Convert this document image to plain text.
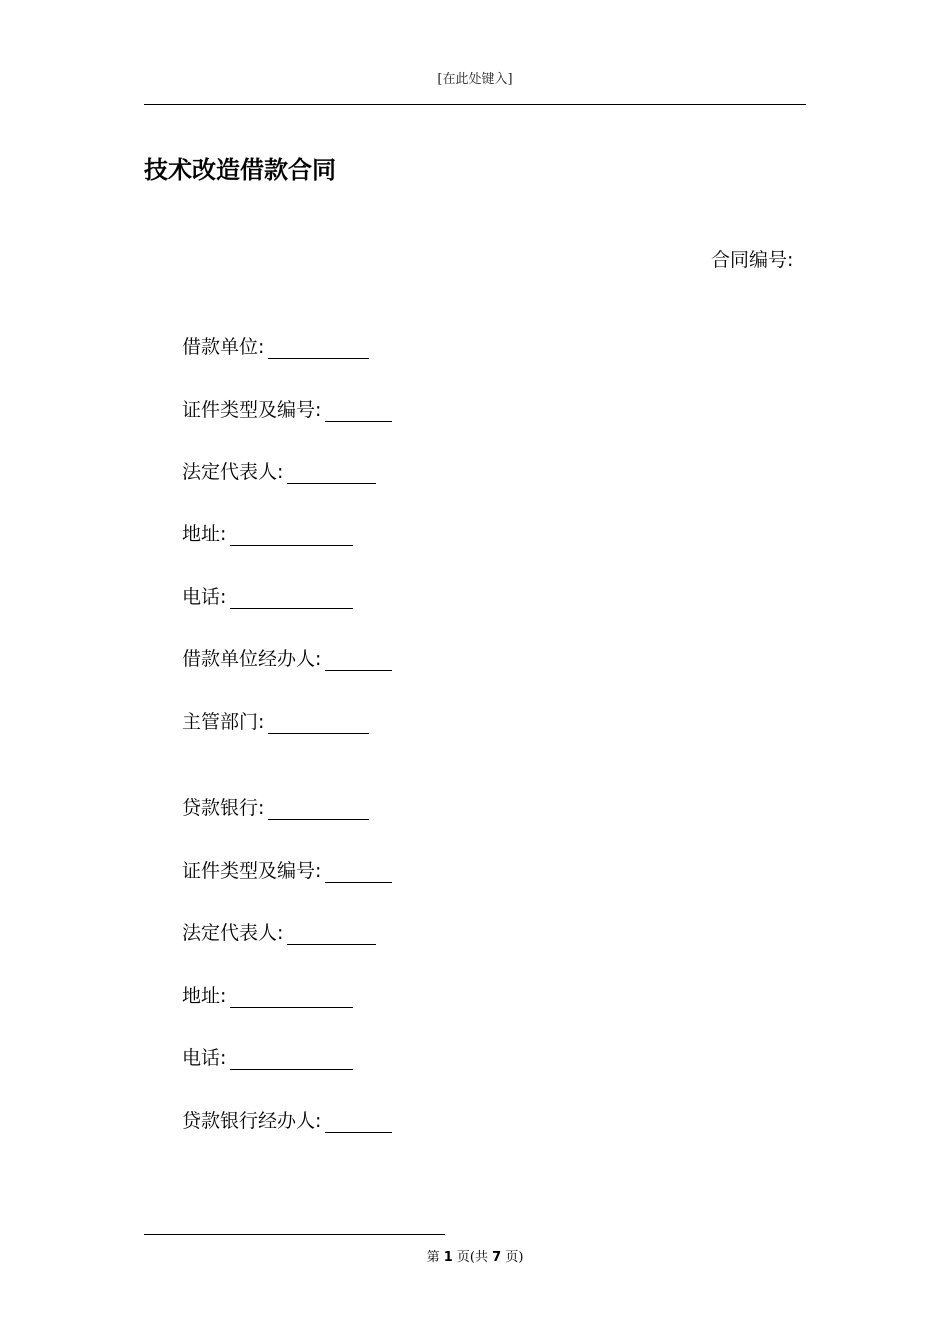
[在此处键入]
技术改造借款合同
合同编号:
借款单位:
证件类型及编号:
法定代表人:
地址:
电话:
借款单位经办人:
主管部门:
贷款银行:
证件类型及编号:
法定代表人:
地址:
电话:
贷款银行经办人:
第 1 页(共 7 页)
